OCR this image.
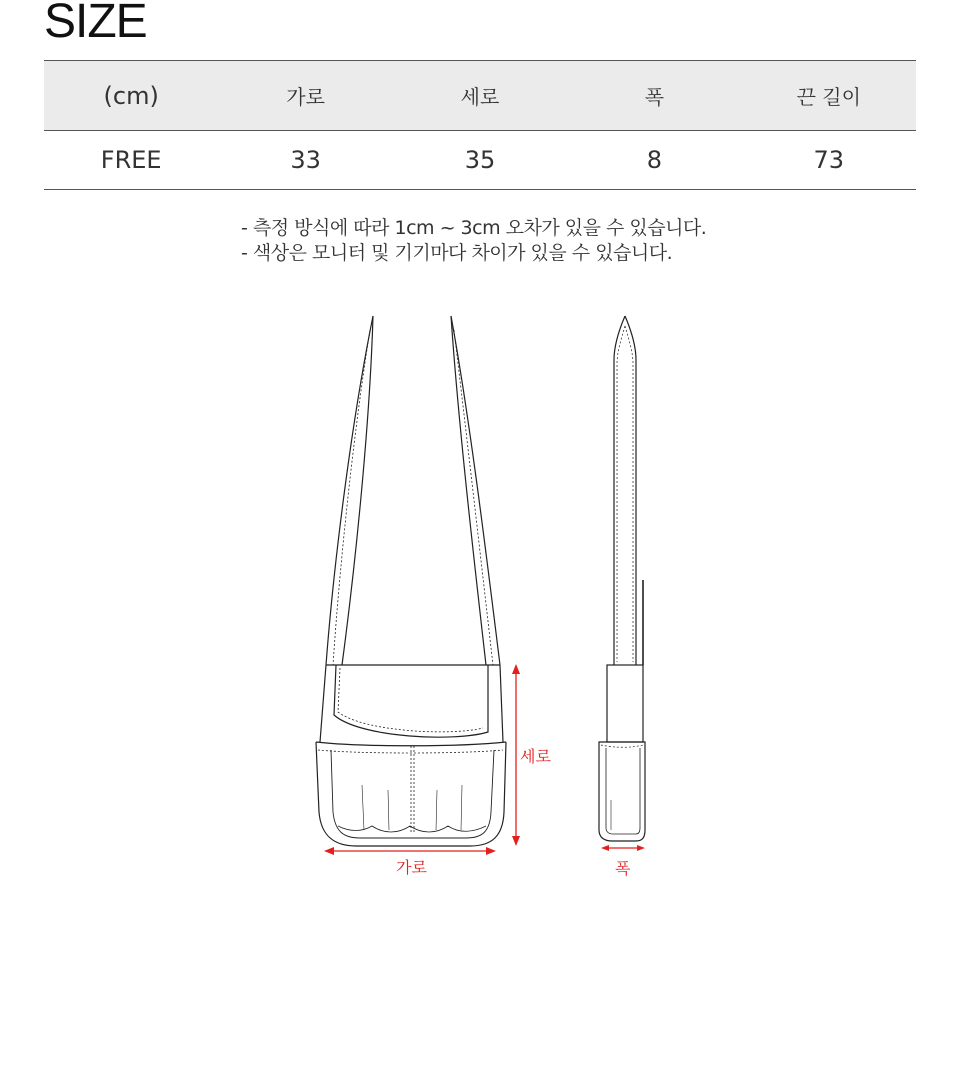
SIZE
(cm)	가로	세로	폭	끈 길이
FREE	33	35	8	73

- 측정 방식에 따라 1cm ~ 3cm 오차가 있을 수 있습니다.

- 색상은 모니터 및 기기마다 차이가 있을 수 있습니다.

세로
가로	폭
